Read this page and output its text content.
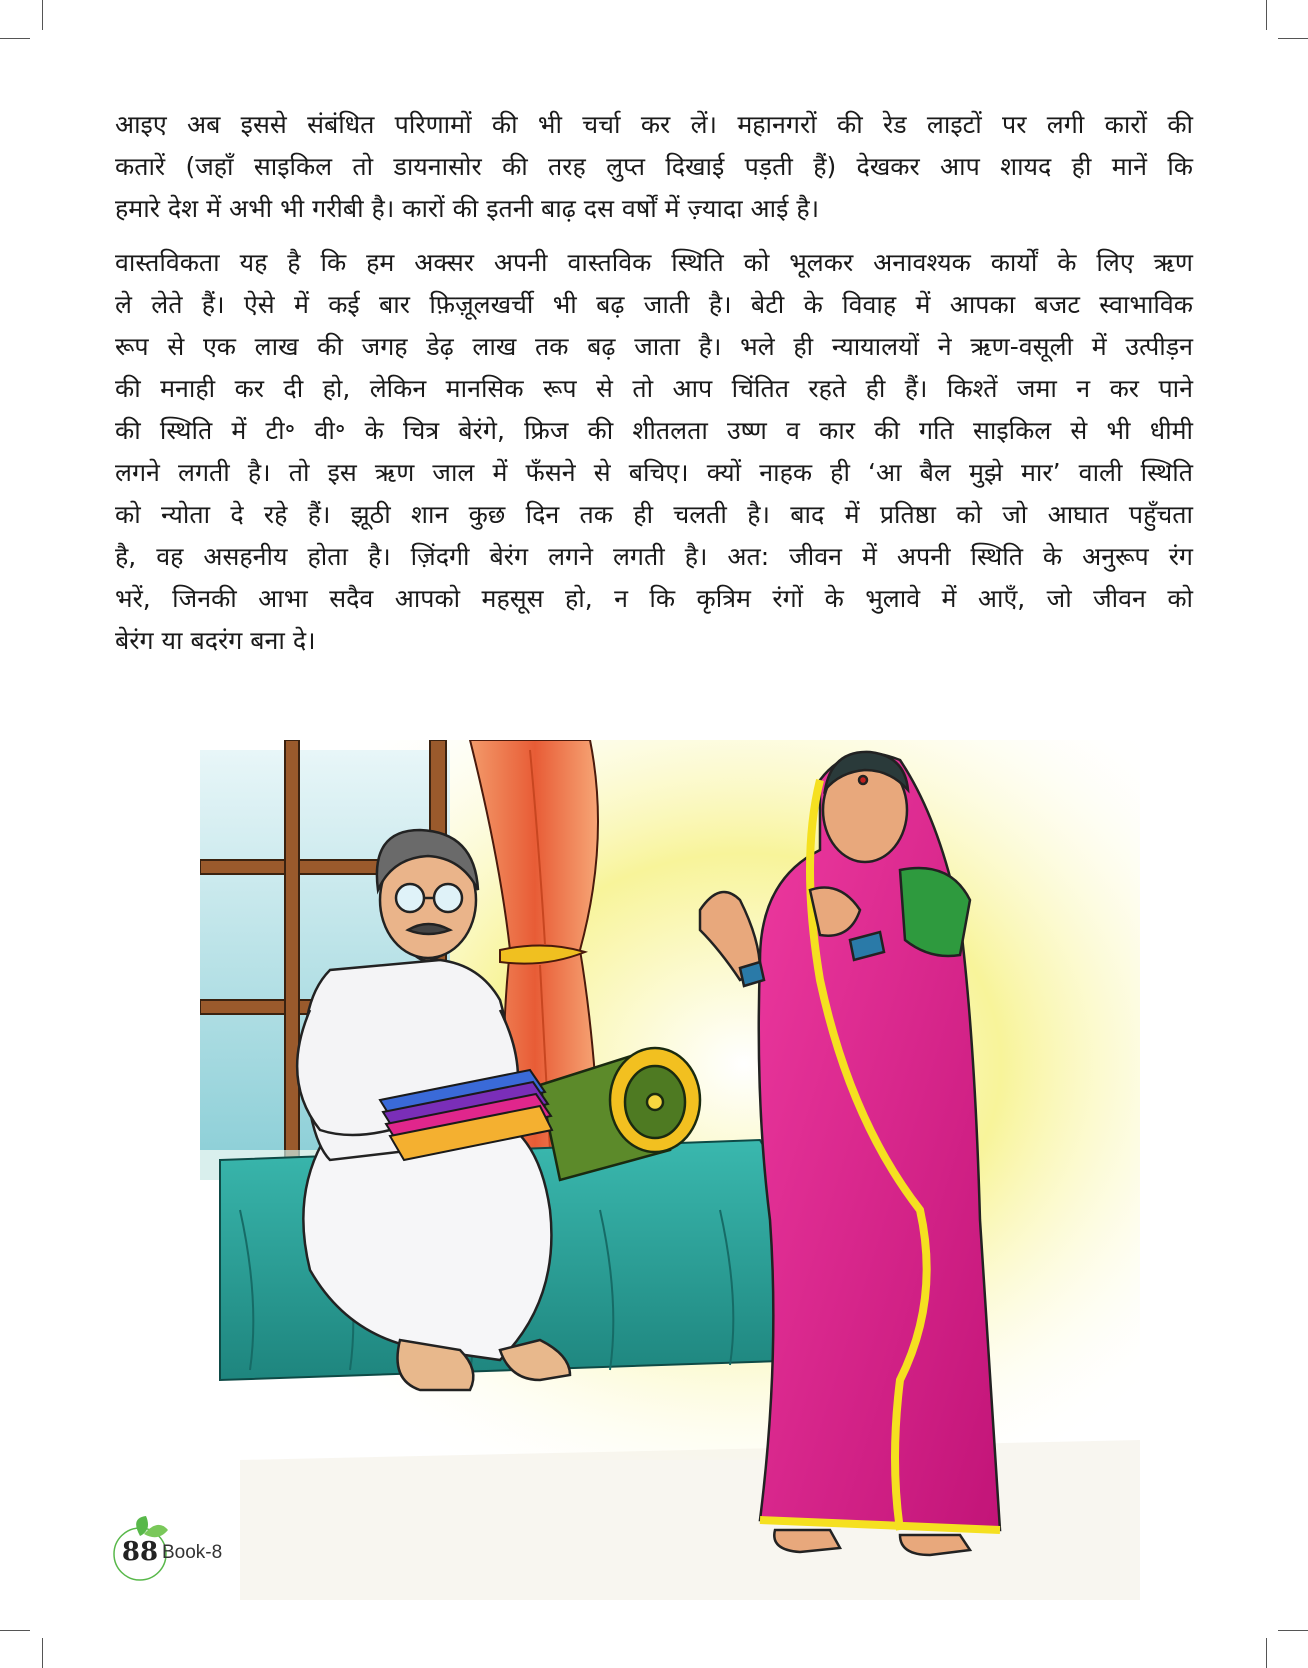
आइए अब इससे संबंधित परिणामों की भी चर्चा कर लें। महानगरों की रेड लाइटों पर लगी कारों की
कतारें (जहाँ साइकिल तो डायनासोर की तरह लुप्त दिखाई पड़ती हैं) देखकर आप शायद ही मानें कि
हमारे देश में अभी भी गरीबी है। कारों की इतनी बाढ़ दस वर्षों में ज़्यादा आई है।

वास्तविकता यह है कि हम अक्सर अपनी वास्तविक स्थिति को भूलकर अनावश्यक कार्यों के लिए ऋण
ले लेते हैं। ऐसे में कई बार फ़िज़ूलखर्ची भी बढ़ जाती है। बेटी के विवाह में आपका बजट स्वाभाविक
रूप से एक लाख की जगह डेढ़ लाख तक बढ़ जाता है। भले ही न्यायालयों ने ऋण-वसूली में उत्पीड़न
की मनाही कर दी हो, लेकिन मानसिक रूप से तो आप चिंतित रहते ही हैं। किश्तें जमा न कर पाने
की स्थिति में टी॰ वी॰ के चित्र बेरंगे, फ्रिज की शीतलता उष्ण व कार की गति साइकिल से भी धीमी
लगने लगती है। तो इस ऋण जाल में फँसने से बचिए। क्यों नाहक ही ‘आ बैल मुझे मार’ वाली स्थिति
को न्योता दे रहे हैं। झूठी शान कुछ दिन तक ही चलती है। बाद में प्रतिष्ठा को जो आघात पहुँचता
है, वह असहनीय होता है। ज़िंदगी बेरंग लगने लगती है। अत: जीवन में अपनी स्थिति के अनुरूप रंग
भरें, जिनकी आभा सदैव आपको महसूस हो, न कि कृत्रिम रंगों के भुलावे में आएँ, जो जीवन को
बेरंग या बदरंग बना दे।

88 Book-8
